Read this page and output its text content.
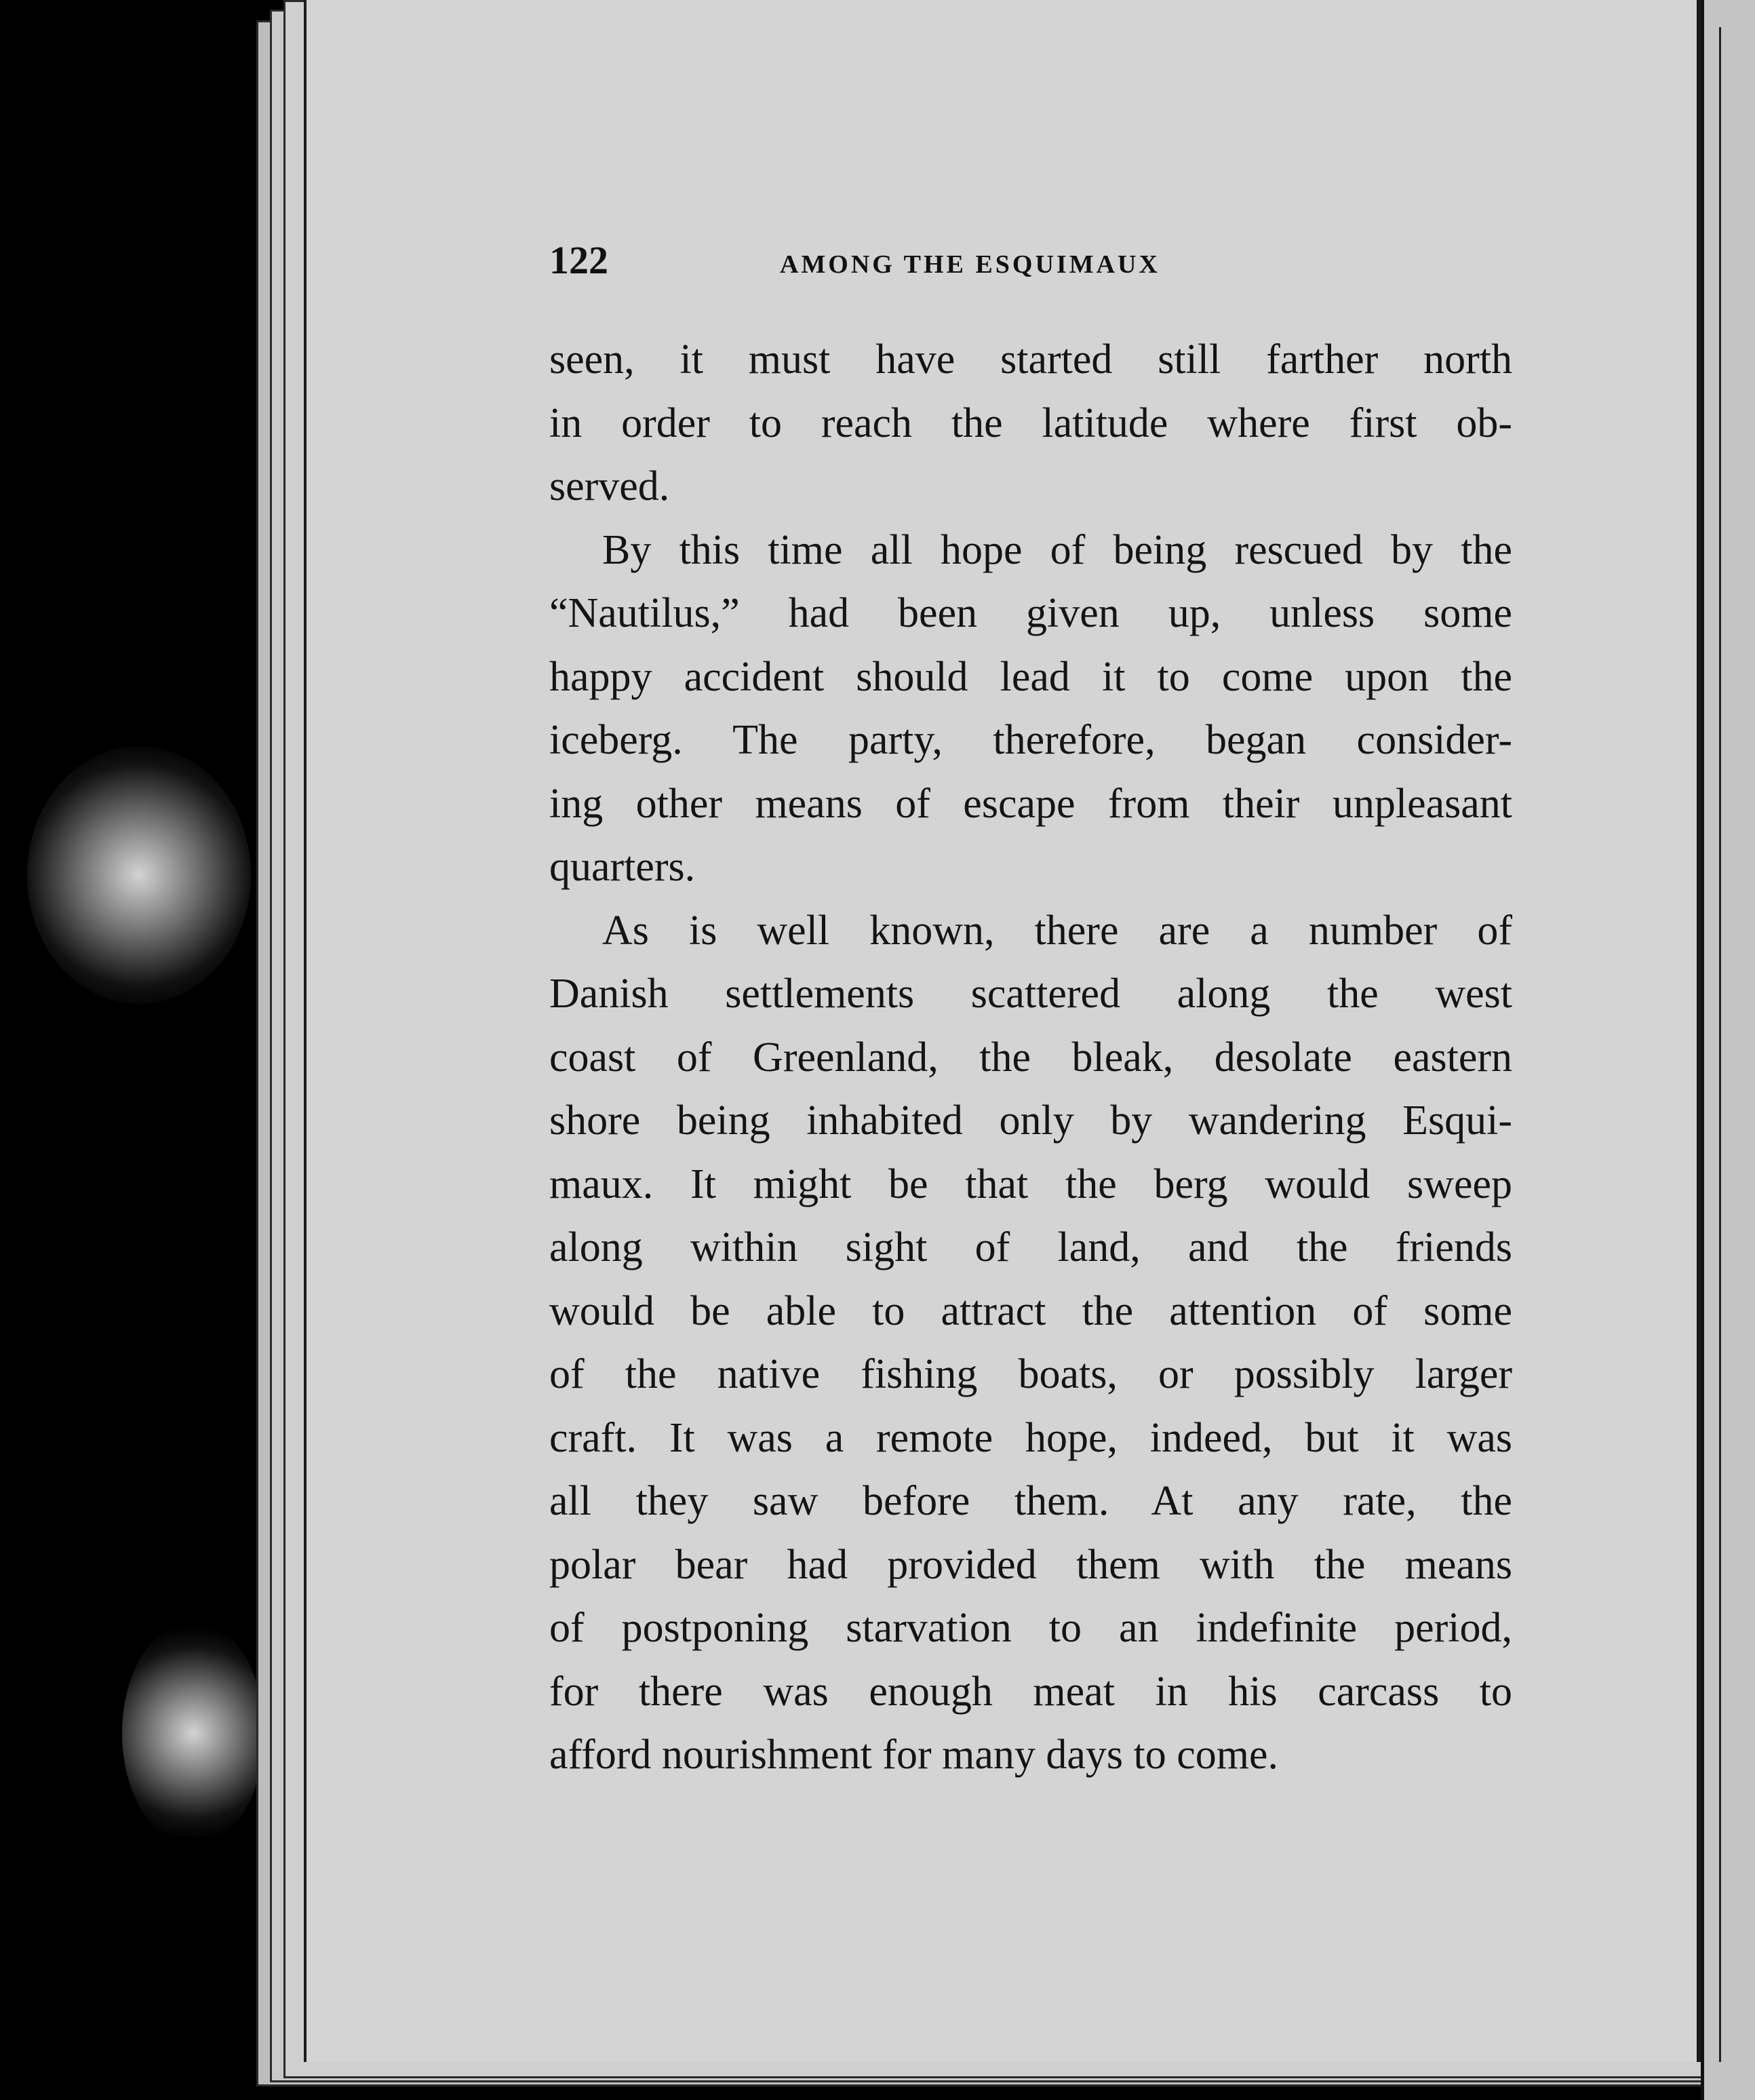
122	AMONG THE ESQUIMAUX
seen, it must have started still farther north
in order to reach the latitude where first ob-
served.
By this time all hope of being rescued by the
“Nautilus,” had been given up, unless some
happy accident should lead it to come upon the
iceberg. The party, therefore, began consider-
ing other means of escape from their unpleasant
quarters.
As is well known, there are a number of
Danish settlements scattered along the west
coast of Greenland, the bleak, desolate eastern
shore being inhabited only by wandering Esqui-
maux. It might be that the berg would sweep
along within sight of land, and the friends
would be able to attract the attention of some
of the native fishing boats, or possibly larger
craft. It was a remote hope, indeed, but it was
all they saw before them. At any rate, the
polar bear had provided them with the means
of postponing starvation to an indefinite period,
for there was enough meat in his carcass to
afford nourishment for many days to come.
